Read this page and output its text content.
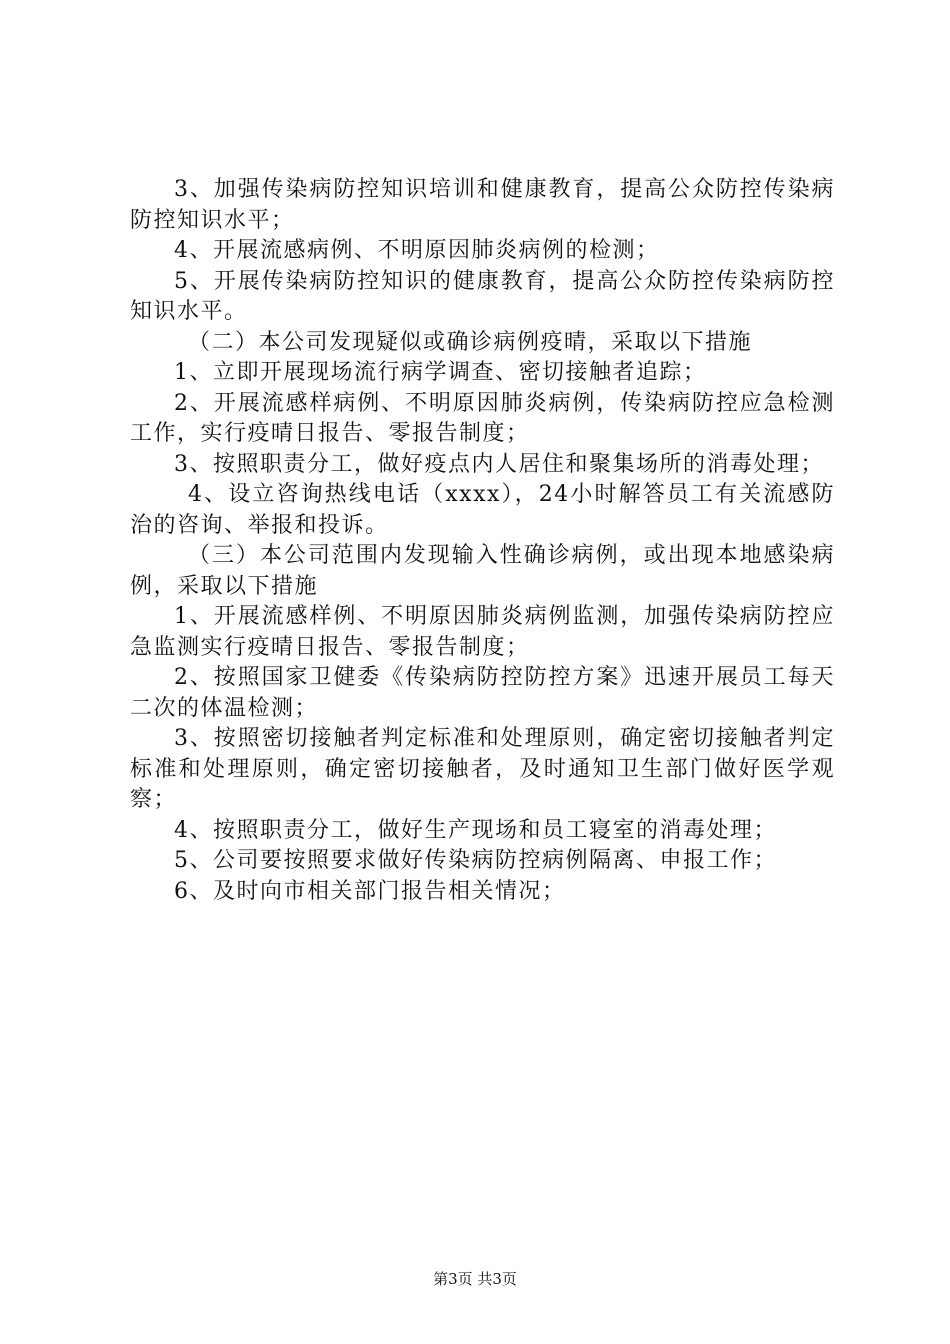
3、加强传染病防控知识培训和健康教育，提高公众防控传染病防控知识水平；

4、开展流感病例、不明原因肺炎病例的检测；

5、开展传染病防控知识的健康教育，提高公众防控传染病防控知识水平。

（二）本公司发现疑似或确诊病例疫晴，采取以下措施

1、立即开展现场流行病学调查、密切接触者追踪；

2、开展流感样病例、不明原因肺炎病例，传染病防控应急检测工作，实行疫晴日报告、零报告制度；

3、按照职责分工，做好疫点内人居住和聚集场所的消毒处理；

4、设立咨询热线电话（xxxx），24小时解答员工有关流感防治的咨询、举报和投诉。

（三）本公司范围内发现输入性确诊病例，或出现本地感染病例，采取以下措施

1、开展流感样例、不明原因肺炎病例监测，加强传染病防控应急监测实行疫晴日报告、零报告制度；

2、按照国家卫健委《传染病防控防控方案》迅速开展员工每天二次的体温检测；

3、按照密切接触者判定标准和处理原则，确定密切接触者判定标准和处理原则，确定密切接触者，及时通知卫生部门做好医学观察；

4、按照职责分工，做好生产现场和员工寝室的消毒处理；

5、公司要按照要求做好传染病防控病例隔离、申报工作；

6、及时向市相关部门报告相关情况；

第3页 共3页
